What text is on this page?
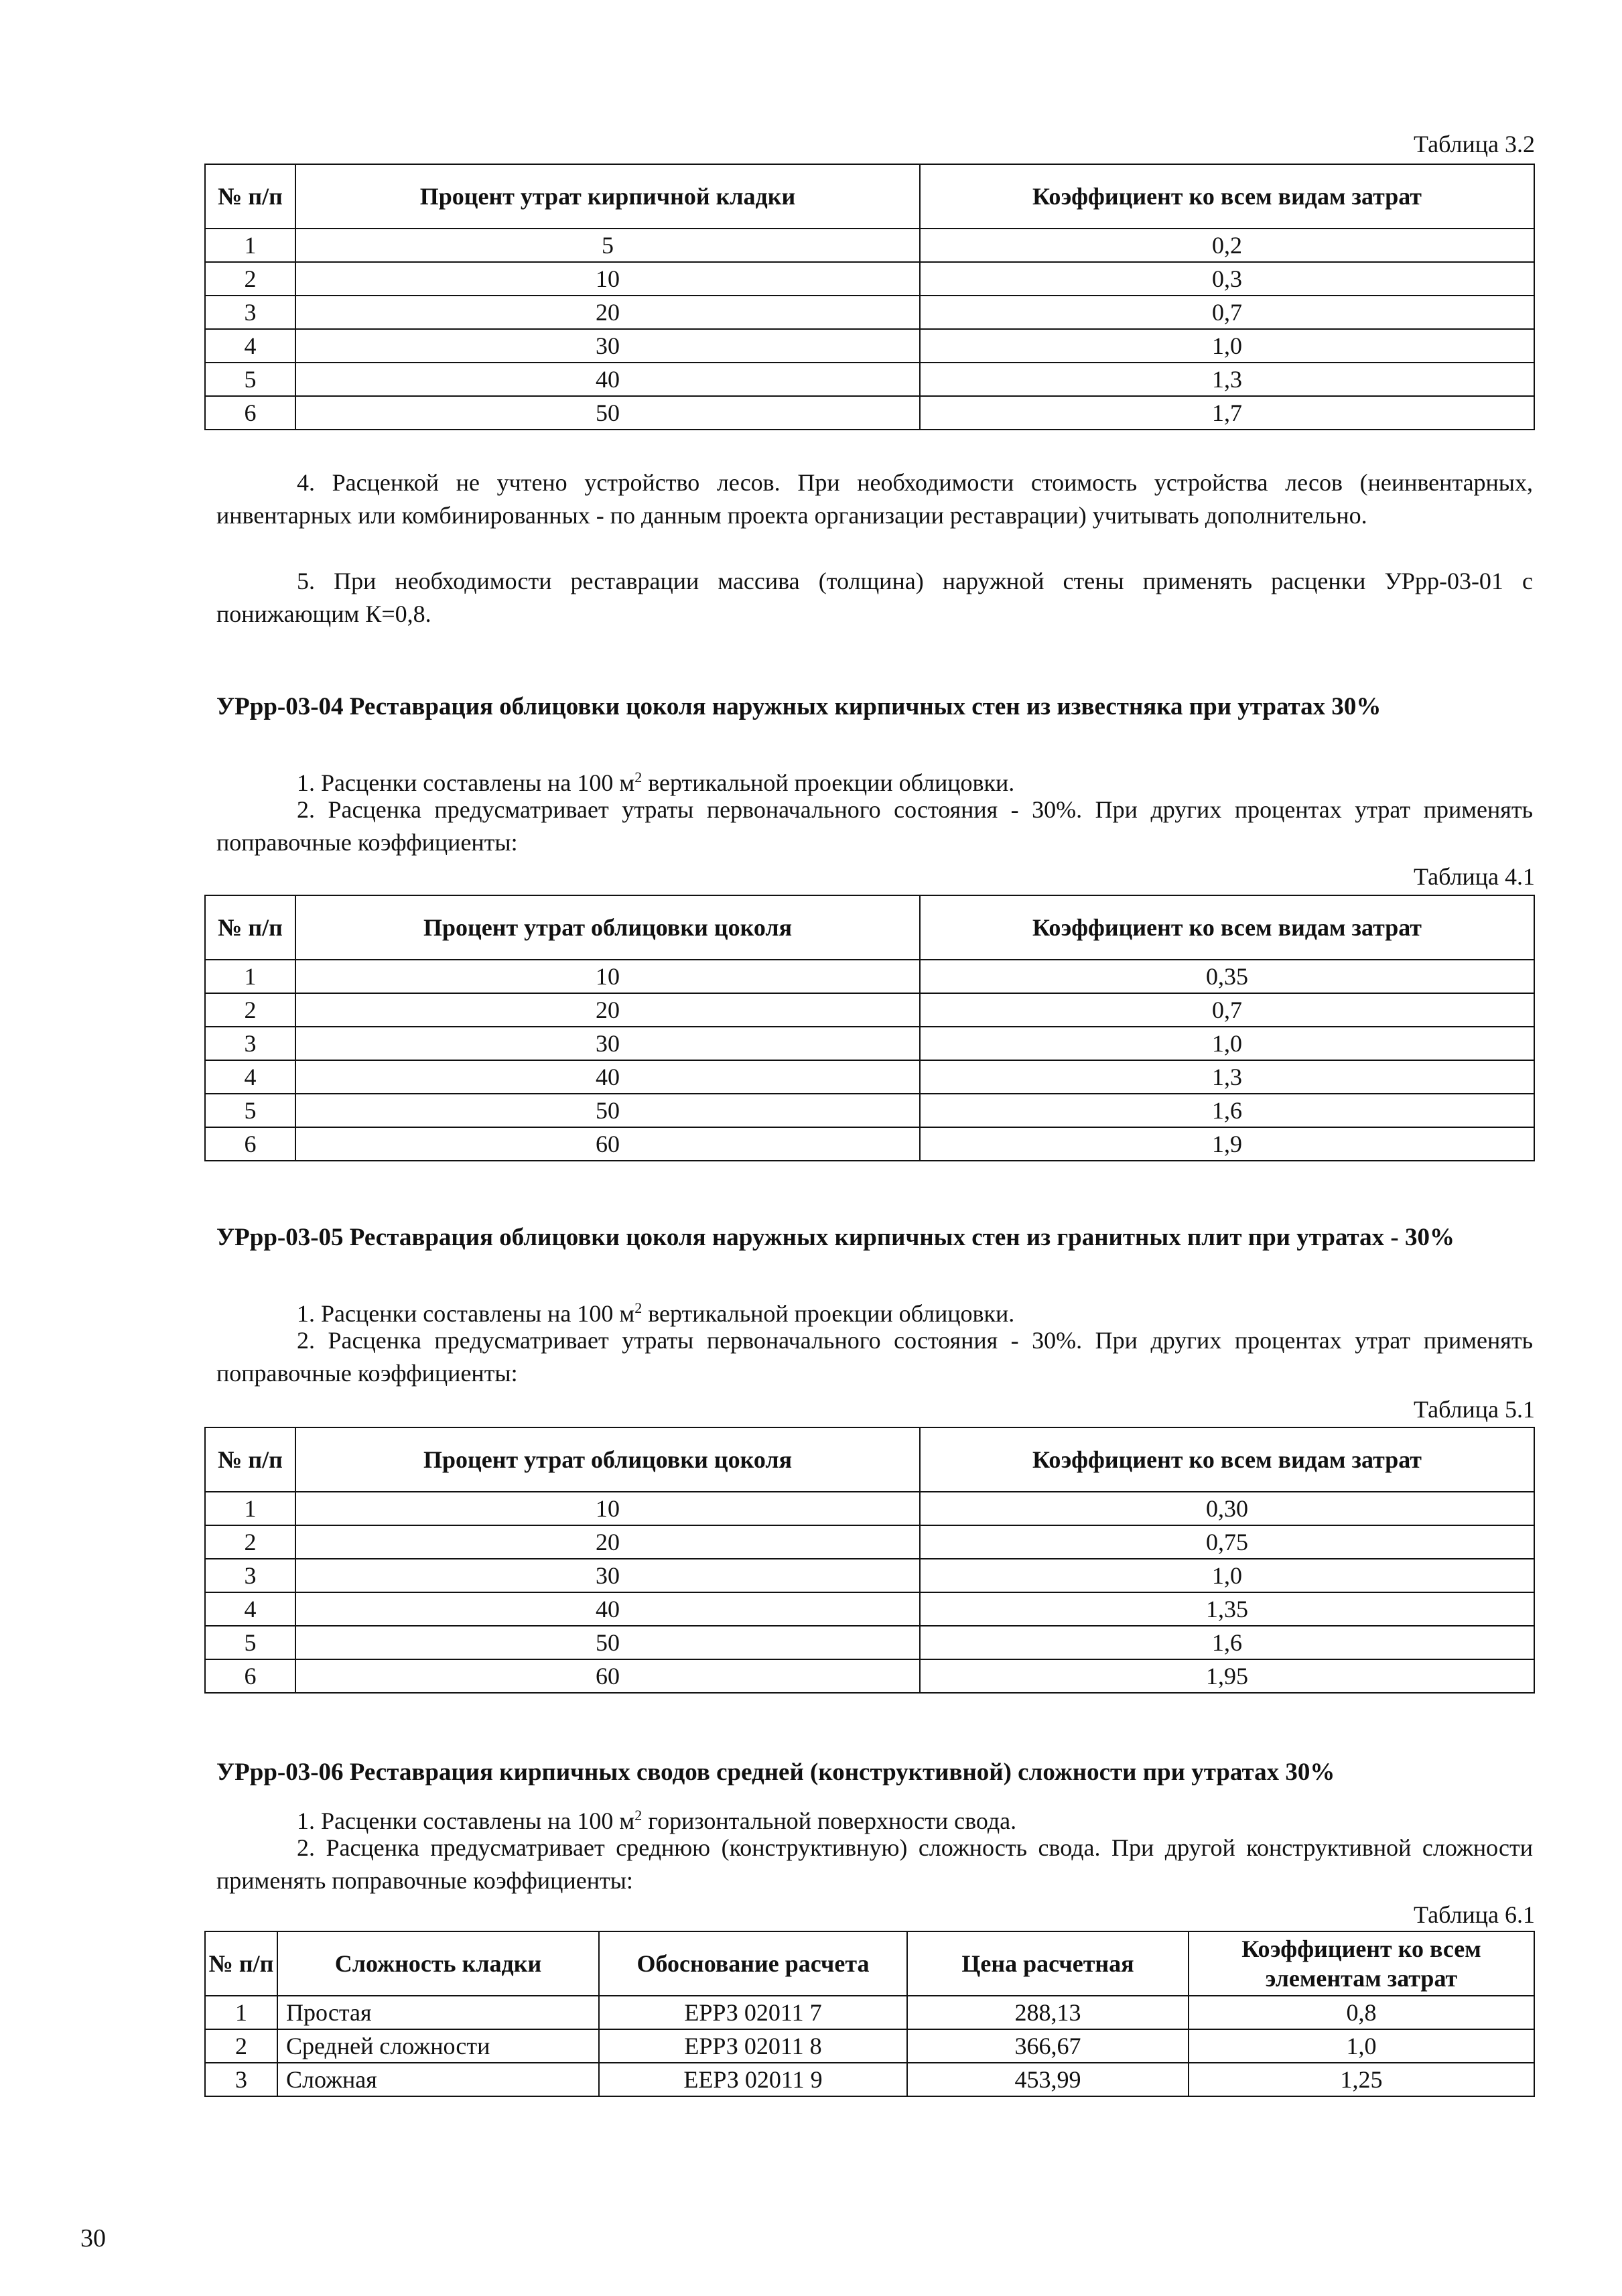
Таблица 3.2
№ п/п	Процент утрат кирпичной кладки	Коэффициент ко всем видам затрат
1	5	0,2
2	10	0,3
3	20	0,7
4	30	1,0
5	40	1,3
6	50	1,7

4. Расценкой не учтено устройство лесов. При необходимости стоимость устройства лесов (неинвентарных, инвентарных или комбинированных - по данным проекта организации реставрации) учитывать дополнительно.

5. При необходимости реставрации массива (толщина) наружной стены применять расценки УРрр-03-01 с понижающим К=0,8.

УРрр-03-04 Реставрация облицовки цоколя наружных кирпичных стен из известняка при утратах 30%

1. Расценки составлены на 100 $м^2$ вертикальной проекции облицовки.

2. Расценка предусматривает утраты первоначального состояния - 30%. При других процентах утрат применять поправочные коэффициенты:

Таблица 4.1
№ п/п	Процент утрат облицовки цоколя	Коэффициент ко всем видам затрат
1	10	0,35
2	20	0,7
3	30	1,0
4	40	1,3
5	50	1,6
6	60	1,9
УРрр-03-05 Реставрация облицовки цоколя наружных кирпичных стен из гранитных плит при утратах - 30%

1. Расценки составлены на 100 $м^2$ вертикальной проекции облицовки.

2. Расценка предусматривает утраты первоначального состояния - 30%. При других процентах утрат применять поправочные коэффициенты:

Таблица 5.1
№ п/п	Процент утрат облицовки цоколя	Коэффициент ко всем видам затрат
1	10	0,30
2	20	0,75
3	30	1,0
4	40	1,35
5	50	1,6
6	60	1,95
УРрр-03-06 Реставрация кирпичных сводов средней (конструктивной) сложности при утратах 30%

1. Расценки составлены на 100 $м^2$ горизонтальной поверхности свода.

2. Расценка предусматривает среднюю (конструктивную) сложность свода. При другой конструктивной сложности применять поправочные коэффициенты:

Таблица 6.1
№ п/п	Сложность кладки	Обоснование расчета	Цена расчетная	Коэффициент ко всем элементам затрат
1	Простая	ЕРРЗ 02011 7	288,13	0,8
2	Средней сложности	ЕРРЗ 02011 8	366,67	1,0
3	Сложная	ЕЕРЗ 02011 9	453,99	1,25
30
